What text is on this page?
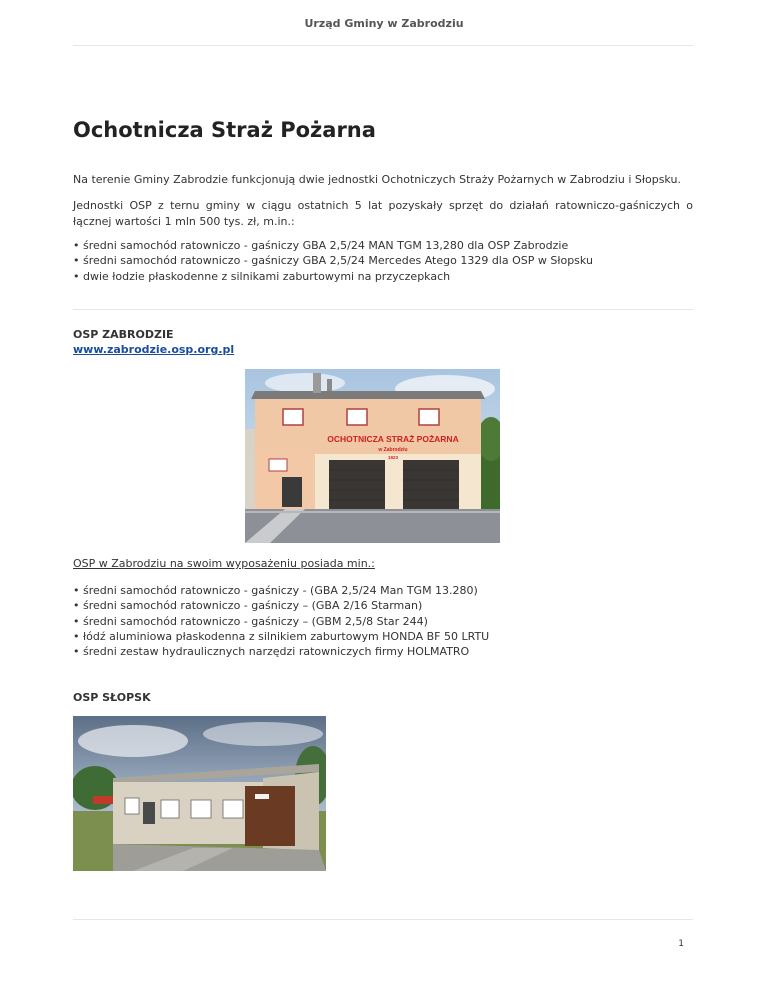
Urząd Gminy w Zabrodziu
Ochotnicza Straż Pożarna

Na terenie Gminy Zabrodzie funkcjonują dwie jednostki Ochotniczych Straży Pożarnych w Zabrodziu i Słopsku.

Jednostki OSP z ternu gminy w ciągu ostatnich 5 lat pozyskały sprzęt do działań ratowniczo-gaśniczych o łącznej wartości 1 mln 500 tys. zł, m.in.:

• średni samochód ratowniczo - gaśniczy GBA 2,5/24 MAN TGM 13,280 dla OSP Zabrodzie
• średni samochód ratowniczo - gaśniczy GBA 2,5/24 Mercedes Atego 1329 dla OSP w Słopsku
• dwie łodzie płaskodenne z silnikami zaburtowymi na przyczepkach
OSP ZABRODZIE
www.zabrodzie.osp.org.pl
OCHOTNICZA STRAŻ POŻARNA
w Zabrodziu
1923
OSP w Zabrodziu na swoim wyposażeniu posiada min.:
• średni samochód ratowniczo - gaśniczy - (GBA 2,5/24 Man TGM 13.280)
• średni samochód ratowniczo - gaśniczy – (GBA 2/16 Starman)
• średni samochód ratowniczo - gaśniczy – (GBM 2,5/8 Star 244)
• łódź aluminiowa płaskodenna z silnikiem zaburtowym HONDA BF 50 LRTU
• średni zestaw hydraulicznych narzędzi ratowniczych firmy HOLMATRO
OSP SŁOPSK
1
